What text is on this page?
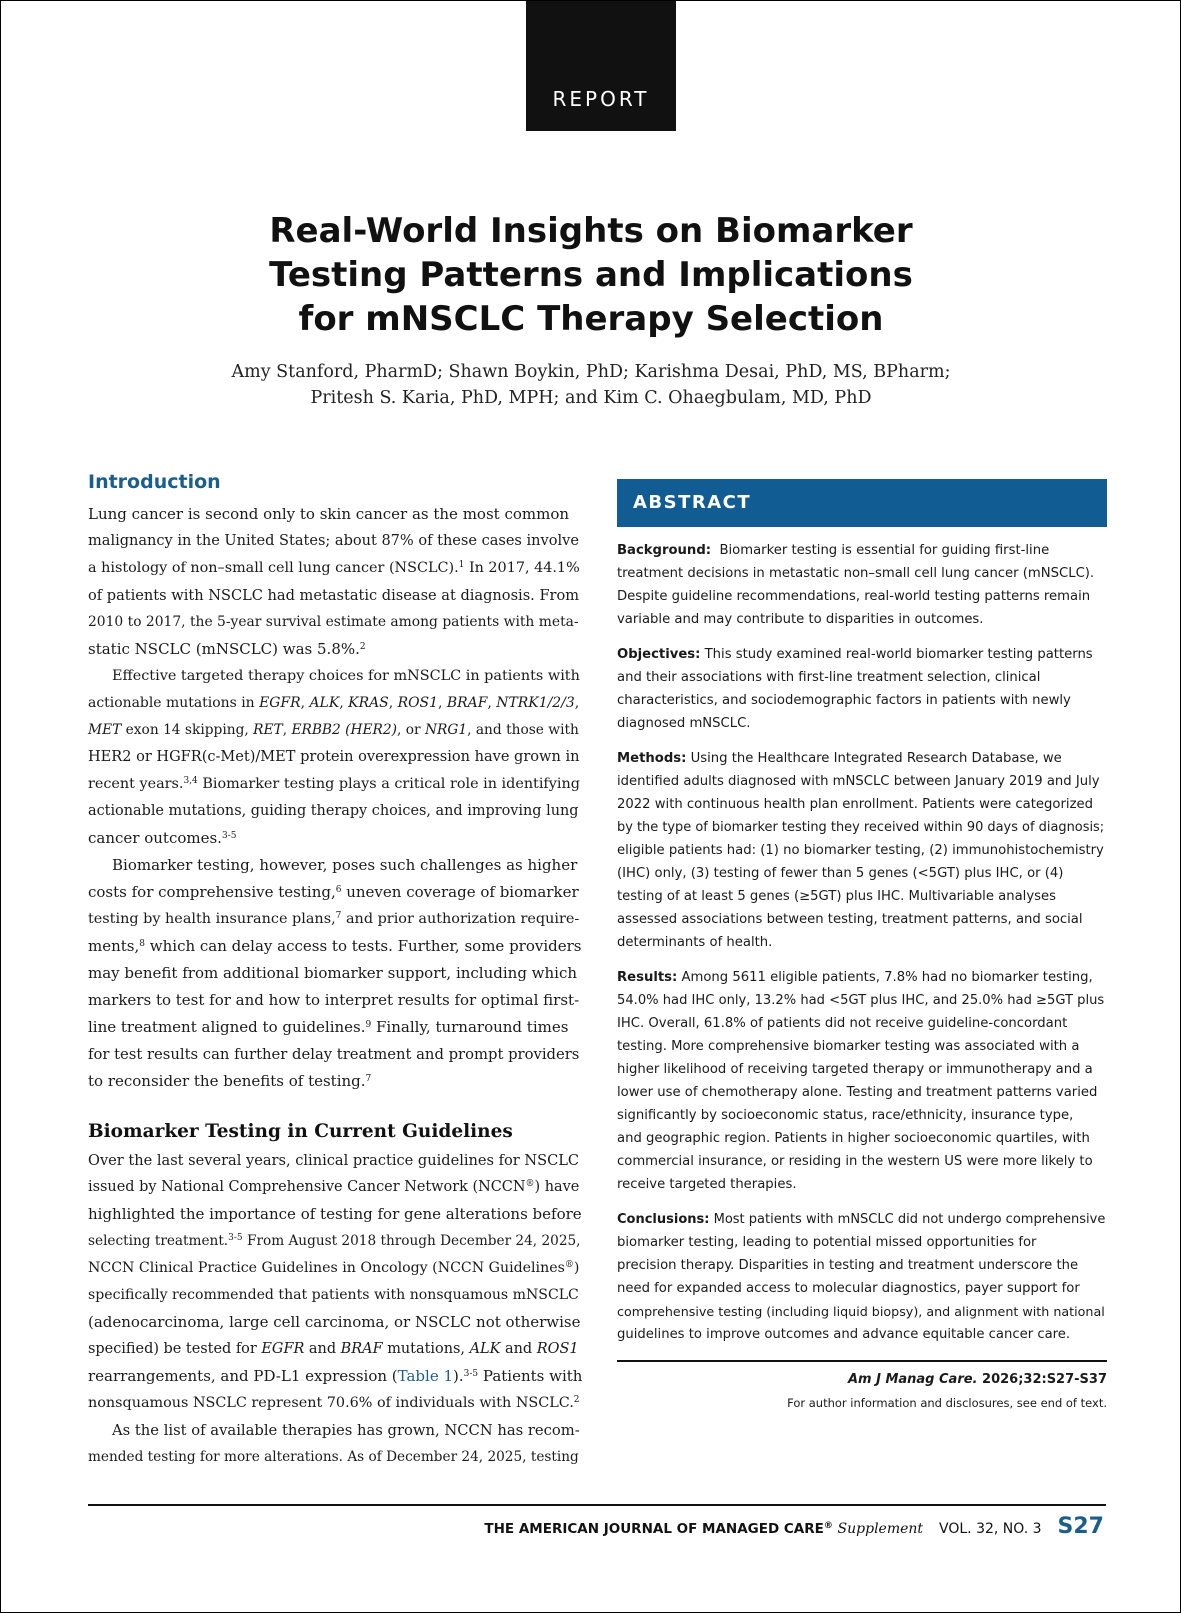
REPORT
Real-World Insights on Biomarker
Testing Patterns and Implications
for mNSCLC Therapy Selection
Amy Stanford, PharmD; Shawn Boykin, PhD; Karishma Desai, PhD, MS, BPharm;
Pritesh S. Karia, PhD, MPH; and Kim C. Ohaegbulam, MD, PhD
Introduction

Lung cancer is second only to skin cancer as the most common
malignancy in the United States; about 87% of these cases involve
a histology of non–small cell lung cancer (NSCLC).$^1$ In 2017, 44.1%
of patients with NSCLC had metastatic disease at diagnosis. From
2010 to 2017, the 5-year survival estimate among patients with meta-
static NSCLC (mNSCLC) was 5.8%.$^2$

Effective targeted therapy choices for mNSCLC in patients with
actionable mutations in EGFR, ALK, KRAS, ROS1, BRAF, NTRK1/2/3,
MET exon 14 skipping, RET, ERBB2 (HER2), or NRG1, and those with
HER2 or HGFR(c-Met)/MET protein overexpression have grown in
recent years.$^{3,4}$ Biomarker testing plays a critical role in identifying
actionable mutations, guiding therapy choices, and improving lung
cancer outcomes.$^{3-5}$

Biomarker testing, however, poses such challenges as higher
costs for comprehensive testing,$^6$ uneven coverage of biomarker
testing by health insurance plans,$^7$ and prior authorization require-
ments,$^8$ which can delay access to tests. Further, some providers
may benefit from additional biomarker support, including which
markers to test for and how to interpret results for optimal first-
line treatment aligned to guidelines.$^9$ Finally, turnaround times
for test results can further delay treatment and prompt providers
to reconsider the benefits of testing.$^7$

Biomarker Testing in Current Guidelines

Over the last several years, clinical practice guidelines for NSCLC
issued by National Comprehensive Cancer Network (NCCN®) have
highlighted the importance of testing for gene alterations before
selecting treatment.$^{3-5}$ From August 2018 through December 24, 2025,
NCCN Clinical Practice Guidelines in Oncology (NCCN Guidelines®)
specifically recommended that patients with nonsquamous mNSCLC
(adenocarcinoma, large cell carcinoma, or NSCLC not otherwise
specified) be tested for EGFR and BRAF mutations, ALK and ROS1
rearrangements, and PD-L1 expression (Table 1).$^{3-5}$ Patients with
nonsquamous NSCLC represent 70.6% of individuals with NSCLC.$^2$

As the list of available therapies has grown, NCCN has recom-
mended testing for more alterations. As of December 24, 2025, testing

ABSTRACT
Background: Biomarker testing is essential for guiding first-line
treatment decisions in metastatic non–small cell lung cancer (mNSCLC).
Despite guideline recommendations, real-world testing patterns remain
variable and may contribute to disparities in outcomes.
Objectives: This study examined real-world biomarker testing patterns
and their associations with first-line treatment selection, clinical
characteristics, and sociodemographic factors in patients with newly
diagnosed mNSCLC.
Methods: Using the Healthcare Integrated Research Database, we
identified adults diagnosed with mNSCLC between January 2019 and July
2022 with continuous health plan enrollment. Patients were categorized
by the type of biomarker testing they received within 90 days of diagnosis;
eligible patients had: (1) no biomarker testing, (2) immunohistochemistry
(IHC) only, (3) testing of fewer than 5 genes (<5GT) plus IHC, or (4)
testing of at least 5 genes (≥5GT) plus IHC. Multivariable analyses
assessed associations between testing, treatment patterns, and social
determinants of health.
Results: Among 5611 eligible patients, 7.8% had no biomarker testing,
54.0% had IHC only, 13.2% had <5GT plus IHC, and 25.0% had ≥5GT plus
IHC. Overall, 61.8% of patients did not receive guideline-concordant
testing. More comprehensive biomarker testing was associated with a
higher likelihood of receiving targeted therapy or immunotherapy and a
lower use of chemotherapy alone. Testing and treatment patterns varied
significantly by socioeconomic status, race/ethnicity, insurance type,
and geographic region. Patients in higher socioeconomic quartiles, with
commercial insurance, or residing in the western US were more likely to
receive targeted therapies.
Conclusions: Most patients with mNSCLC did not undergo comprehensive
biomarker testing, leading to potential missed opportunities for
precision therapy. Disparities in testing and treatment underscore the
need for expanded access to molecular diagnostics, payer support for
comprehensive testing (including liquid biopsy), and alignment with national
guidelines to improve outcomes and advance equitable cancer care.
Am J Manag Care. 2026;32:S27-S37
For author information and disclosures, see end of text.
THE AMERICAN JOURNAL OF MANAGED CARE® Supplement VOL. 32, NO. 3 S27
